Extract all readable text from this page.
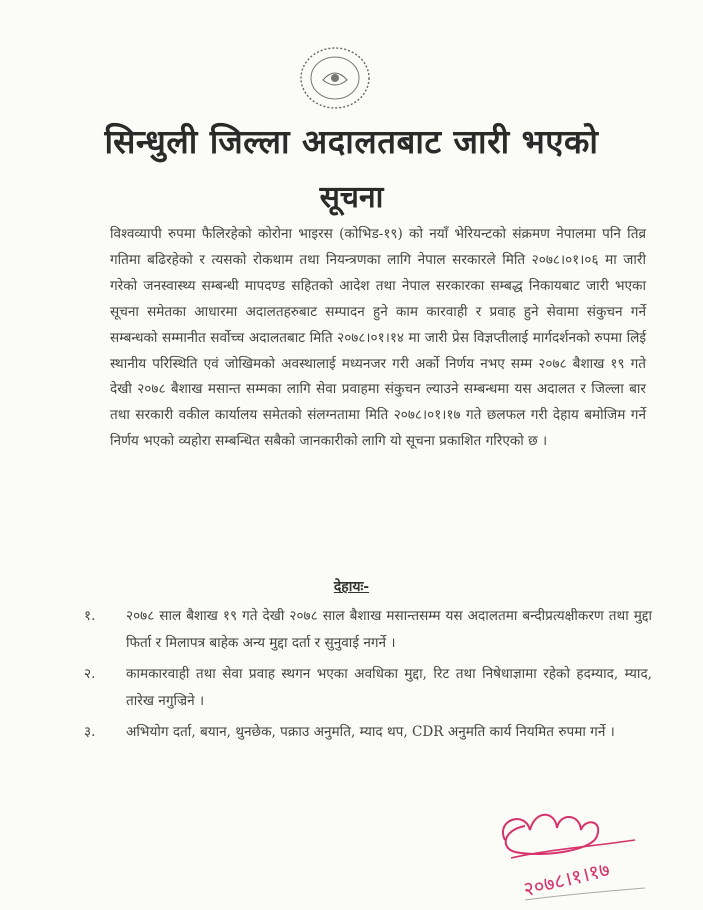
सिन्धुली जिल्ला अदालतबाट जारी भएको
सूचना

विश्वव्यापी रुपमा फैलिरहेको कोरोना भाइरस (कोभिड-१९) को नयाँ भेरियन्टको संक्रमण नेपालमा पनि तिव्र गतिमा बढिरहेको र त्यसको रोकथाम तथा नियन्त्रणका लागि नेपाल सरकारले मिति २०७८।०१।०६ मा जारी गरेको जनस्वास्थ्य सम्बन्धी मापदण्ड सहितको आदेश तथा नेपाल सरकारका सम्बद्ध निकायबाट जारी भएका सूचना समेतका आधारमा अदालतहरुबाट सम्पादन हुने काम कारवाही र प्रवाह हुने सेवामा संकुचन गर्ने सम्बन्धको सम्मानीत सर्वोच्च अदालतबाट मिति २०७८।०१।१४ मा जारी प्रेस विज्ञप्तीलाई मार्गदर्शनको रुपमा लिई स्थानीय परिस्थिति एवं जोखिमको अवस्थालाई मध्यनजर गरी अर्को निर्णय नभए सम्म २०७८ बैशाख १९ गते देखी २०७८ बैशाख मसान्त सम्मका लागि सेवा प्रवाहमा संकुचन ल्याउने सम्बन्धमा यस अदालत र जिल्ला बार तथा सरकारी वकील कार्यालय समेतको संलग्नतामा मिति २०७८।०१।१७ गते छलफल गरी देहाय बमोजिम गर्ने निर्णय भएको व्यहोरा सम्बन्धित सबैको जानकारीको लागि यो सूचना प्रकाशित गरिएको छ ।

देहायः-

१.	२०७८ साल बैशाख १९ गते देखी २०७८ साल बैशाख मसान्तसम्म यस अदालतमा बन्दीप्रत्यक्षीकरण तथा मुद्दा फिर्ता र मिलापत्र बाहेक अन्य मुद्दा दर्ता र सुनुवाई नगर्ने ।
२.	कामकारवाही तथा सेवा प्रवाह स्थगन भएका अवधिका मुद्दा, रिट तथा निषेधाज्ञामा रहेको हदम्याद, म्याद, तारेख नगुज्रिने ।
३.	अभियोग दर्ता, बयान, थुनछेक, पक्राउ अनुमति, म्याद थप, CDR अनुमति कार्य नियमित रुपमा गर्ने ।
२०७८।१।१७
